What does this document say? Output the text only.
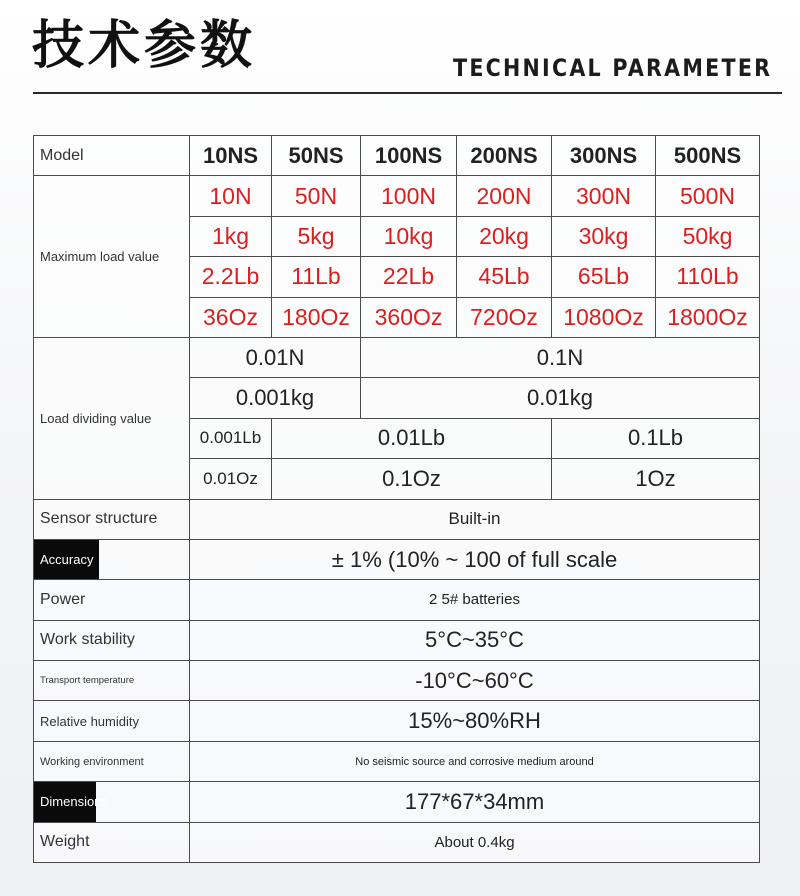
技术参数	TECHNICAL PARAMETER
Model	10NS	50NS	100NS	200NS	300NS	500NS
Maximum load value
10N	50N	100N	200N	300N	500N
1kg	5kg	10kg	20kg	30kg	50kg
2.2Lb	11Lb	22Lb	45Lb	65Lb	110Lb
36Oz	180Oz	360Oz	720Oz	1080Oz	1800Oz
Load dividing value
0.01N	0.1N
0.001kg	0.01kg
0.001Lb	0.01Lb	0.1Lb
0.01Oz	0.1Oz	1Oz
Sensor structure	Built-in
Accuracy	± 1% (10% ~ 100 of full scale
Power	2 5# batteries
Work stability	5°C~35°C
Transport temperature	-10°C~60°C
Relative humidity	15%~80%RH
Working environment	No seismic source and corrosive medium around
Dimensions	177*67*34mm
Weight	About 0.4kg
